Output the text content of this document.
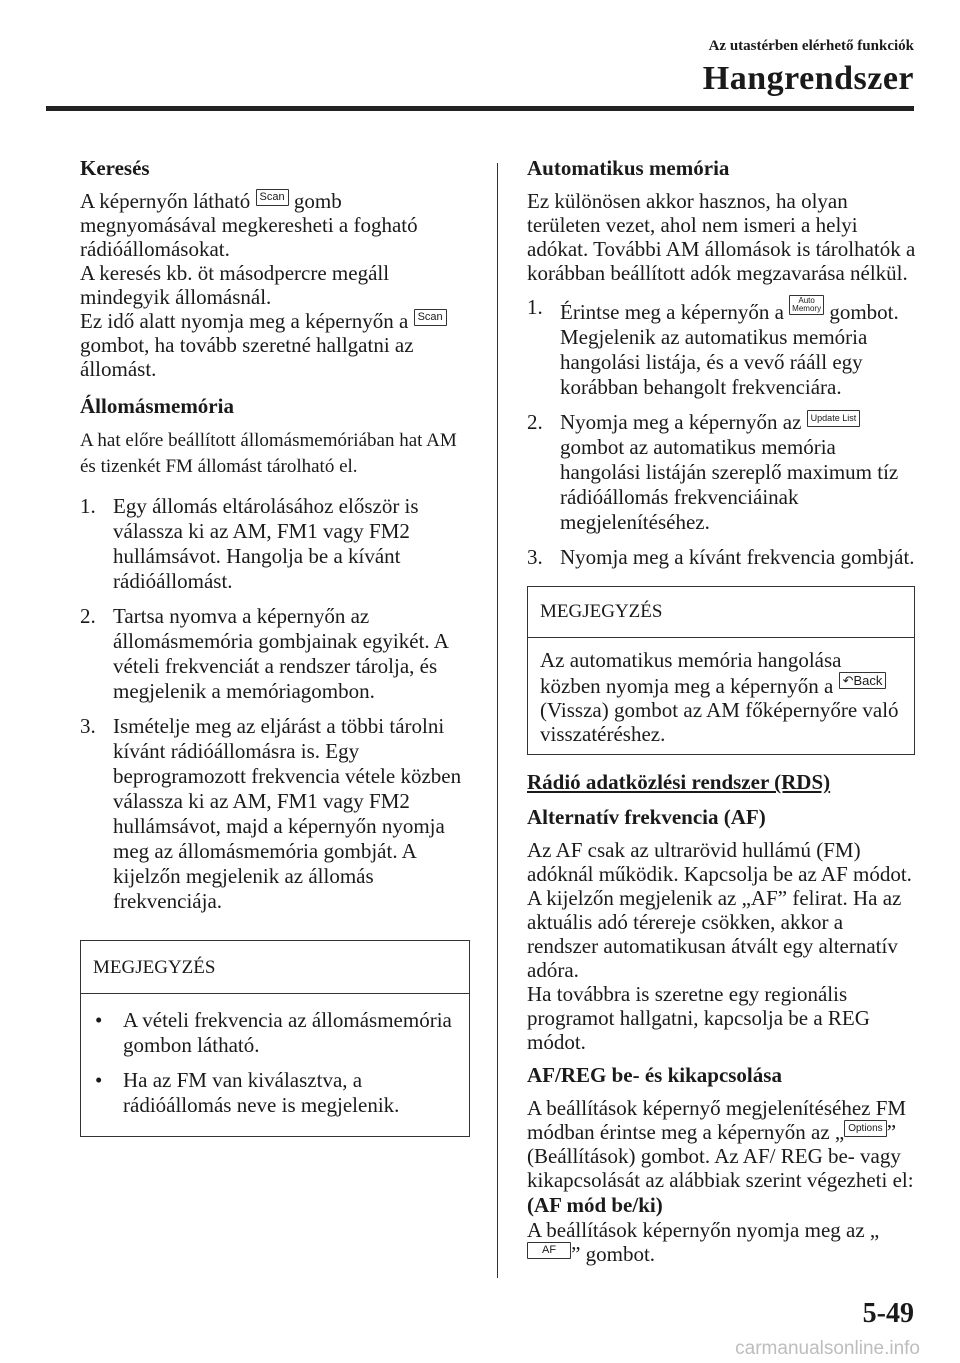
Az utastérben elérhető funkciók
Hangrendszer
Keresés

A képernyőn látható Scan gomb megnyomásával megkeresheti a fogható rádióállomásokat.

A keresés kb. öt másodpercre megáll mindegyik állomásnál.

Ez idő alatt nyomja meg a képernyőn a Scan gombot, ha tovább szeretné hallgatni az állomást.

Állomásmemória

A hat előre beállított állomásmemóriában hat AM és tizenkét FM állomást tárolható el.

1. Egy állomás eltárolásához először is válassza ki az AM, FM1 vagy FM2 hullámsávot. Hangolja be a kívánt rádióállomást.
2. Tartsa nyomva a képernyőn az állomásmemória gombjainak egyikét. A vételi frekvenciát a rendszer tárolja, és megjelenik a memóriagombon.
3. Ismételje meg az eljárást a többi tárolni kívánt rádióállomásra is. Egy beprogramozott frekvencia vétele közben válassza ki az AM, FM1 vagy FM2 hullámsávot, majd a képernyőn nyomja meg az állomásmemória gombját. A kijelzőn megjelenik az állomás frekvenciája.
MEGJEGYZÉS
• A vételi frekvencia az állomásmemória gombon látható.
• Ha az FM van kiválasztva, a rádióállomás neve is megjelenik.
Automatikus memória

Ez különösen akkor hasznos, ha olyan területen vezet, ahol nem ismeri a helyi adókat. További AM állomások is tárolhatók a korábban beállított adók megzavarása nélkül.

1. Érintse meg a képernyőn a Auto
Memory gombot. Megjelenik az automatikus memória hangolási listája, és a vevő rááll egy korábban behangolt frekvenciára.
2. Nyomja meg a képernyőn az Update List gombot az automatikus memória hangolási listáján szereplő maximum tíz rádióállomás frekvenciáinak megjelenítéséhez.
3. Nyomja meg a kívánt frekvencia gombját.
MEGJEGYZÉS

Az automatikus memória hangolása közben nyomja meg a képernyőn a ↶Back (Vissza) gombot az AM főképernyőre való visszatéréshez.

Rádió adatközlési rendszer (RDS)
Alternatív frekvencia (AF)

Az AF csak az ultrarövid hullámú (FM) adóknál működik. Kapcsolja be az AF módot. A kijelzőn megjelenik az „AF” felirat. Ha az aktuális adó térereje csökken, akkor a rendszer automatikusan átvált egy alternatív adóra.

Ha továbbra is szeretne egy regionális programot hallgatni, kapcsolja be a REG módot.

AF/REG be- és kikapcsolása

A beállítások képernyő megjelenítéséhez FM módban érintse meg a képernyőn az „ Options ” (Beállítások) gombot. Az AF/ REG be- vagy kikapcsolását az alábbiak szerint végezheti el:

(AF mód be/ki)

A beállítások képernyőn nyomja meg az „AF ” gombot.

5-49
carmanualsonline.info
